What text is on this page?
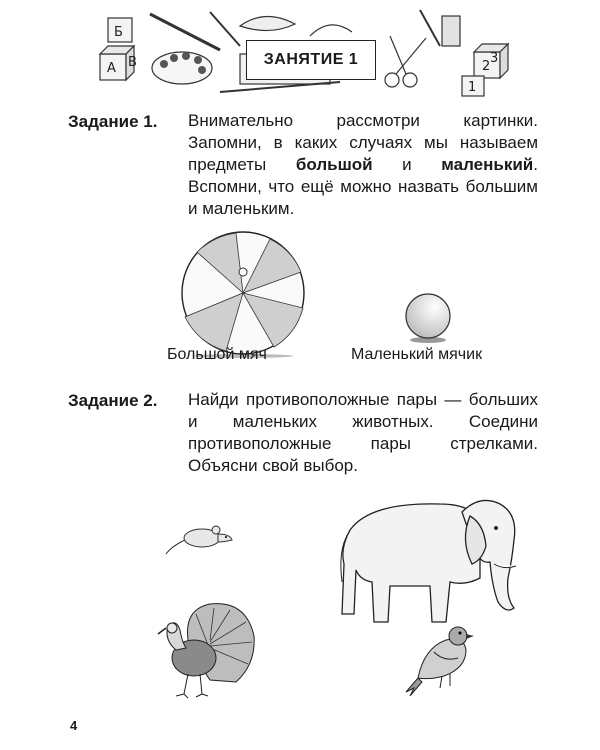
А
Б
В
1
2
3
ЗАНЯТИЕ 1
Задание 1. Внимательно рассмотри картинки. Запомни, в каких случаях мы называем предметы большой и маленький. Вспомни, что ещё можно назвать большим и маленьким.
Большой мяч	Маленький мячик
Задание 2. Найди противоположные пары — больших и маленьких животных. Соедини противоположные пары стрелками. Объясни свой выбор.
4
